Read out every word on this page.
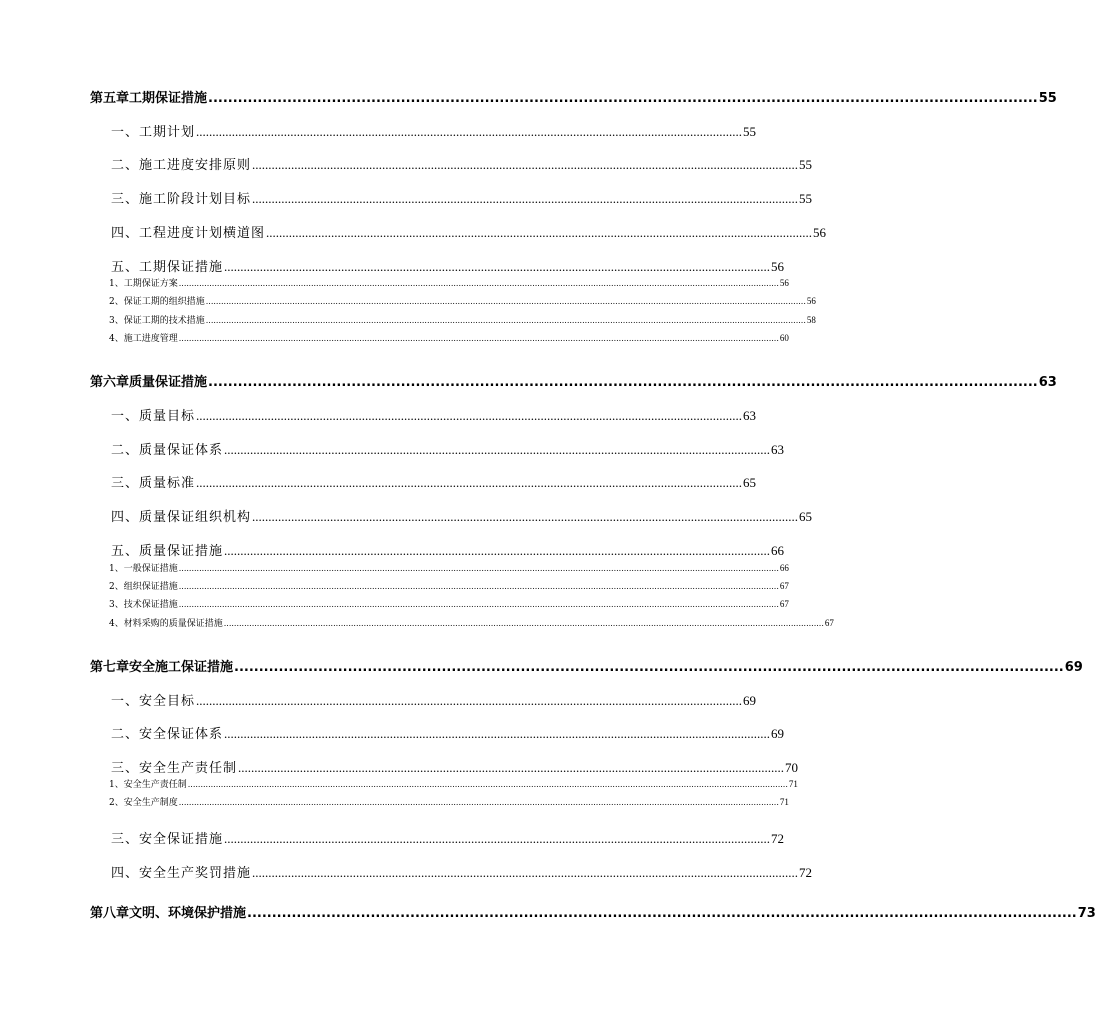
第五章 工期保证措施 ........................................................................................................................................................................ 55
一、工期计划 ........................................................................................................................................................................ 55
二、施工进度安排原则 ........................................................................................................................................................................ 55
三、施工阶段计划目标 ........................................................................................................................................................................ 55
四、工程进度计划横道图 ........................................................................................................................................................................ 56
五、工期保证措施 ........................................................................................................................................................................ 56
1、工期保证方案 ............................................................................................................................................................................................................................................ 56
2、保证工期的组织措施 ............................................................................................................................................................................................................................................ 56
3、保证工期的技术措施 ............................................................................................................................................................................................................................................ 58
4、施工进度管理 ............................................................................................................................................................................................................................................ 60
第六章 质量保证措施 ........................................................................................................................................................................ 63
一、质量目标 ........................................................................................................................................................................ 63
二、质量保证体系 ........................................................................................................................................................................ 63
三、质量标准 ........................................................................................................................................................................ 65
四、质量保证组织机构 ........................................................................................................................................................................ 65
五、质量保证措施 ........................................................................................................................................................................ 66
1、一般保证措施 ............................................................................................................................................................................................................................................ 66
2、组织保证措施 ............................................................................................................................................................................................................................................ 67
3、技术保证措施 ............................................................................................................................................................................................................................................ 67
4、材料采购的质量保证措施 ............................................................................................................................................................................................................................................ 67
第七章 安全施工保证措施 ........................................................................................................................................................................ 69
一、安全目标 ........................................................................................................................................................................ 69
二、安全保证体系 ........................................................................................................................................................................ 69
三、安全生产责任制 ........................................................................................................................................................................ 70
1、安全生产责任制 ............................................................................................................................................................................................................................................ 71
2、安全生产制度 ............................................................................................................................................................................................................................................ 71
三、安全保证措施 ........................................................................................................................................................................ 72
四、安全生产奖罚措施 ........................................................................................................................................................................ 72
第八章 文明、环境保护措施 ........................................................................................................................................................................ 73
